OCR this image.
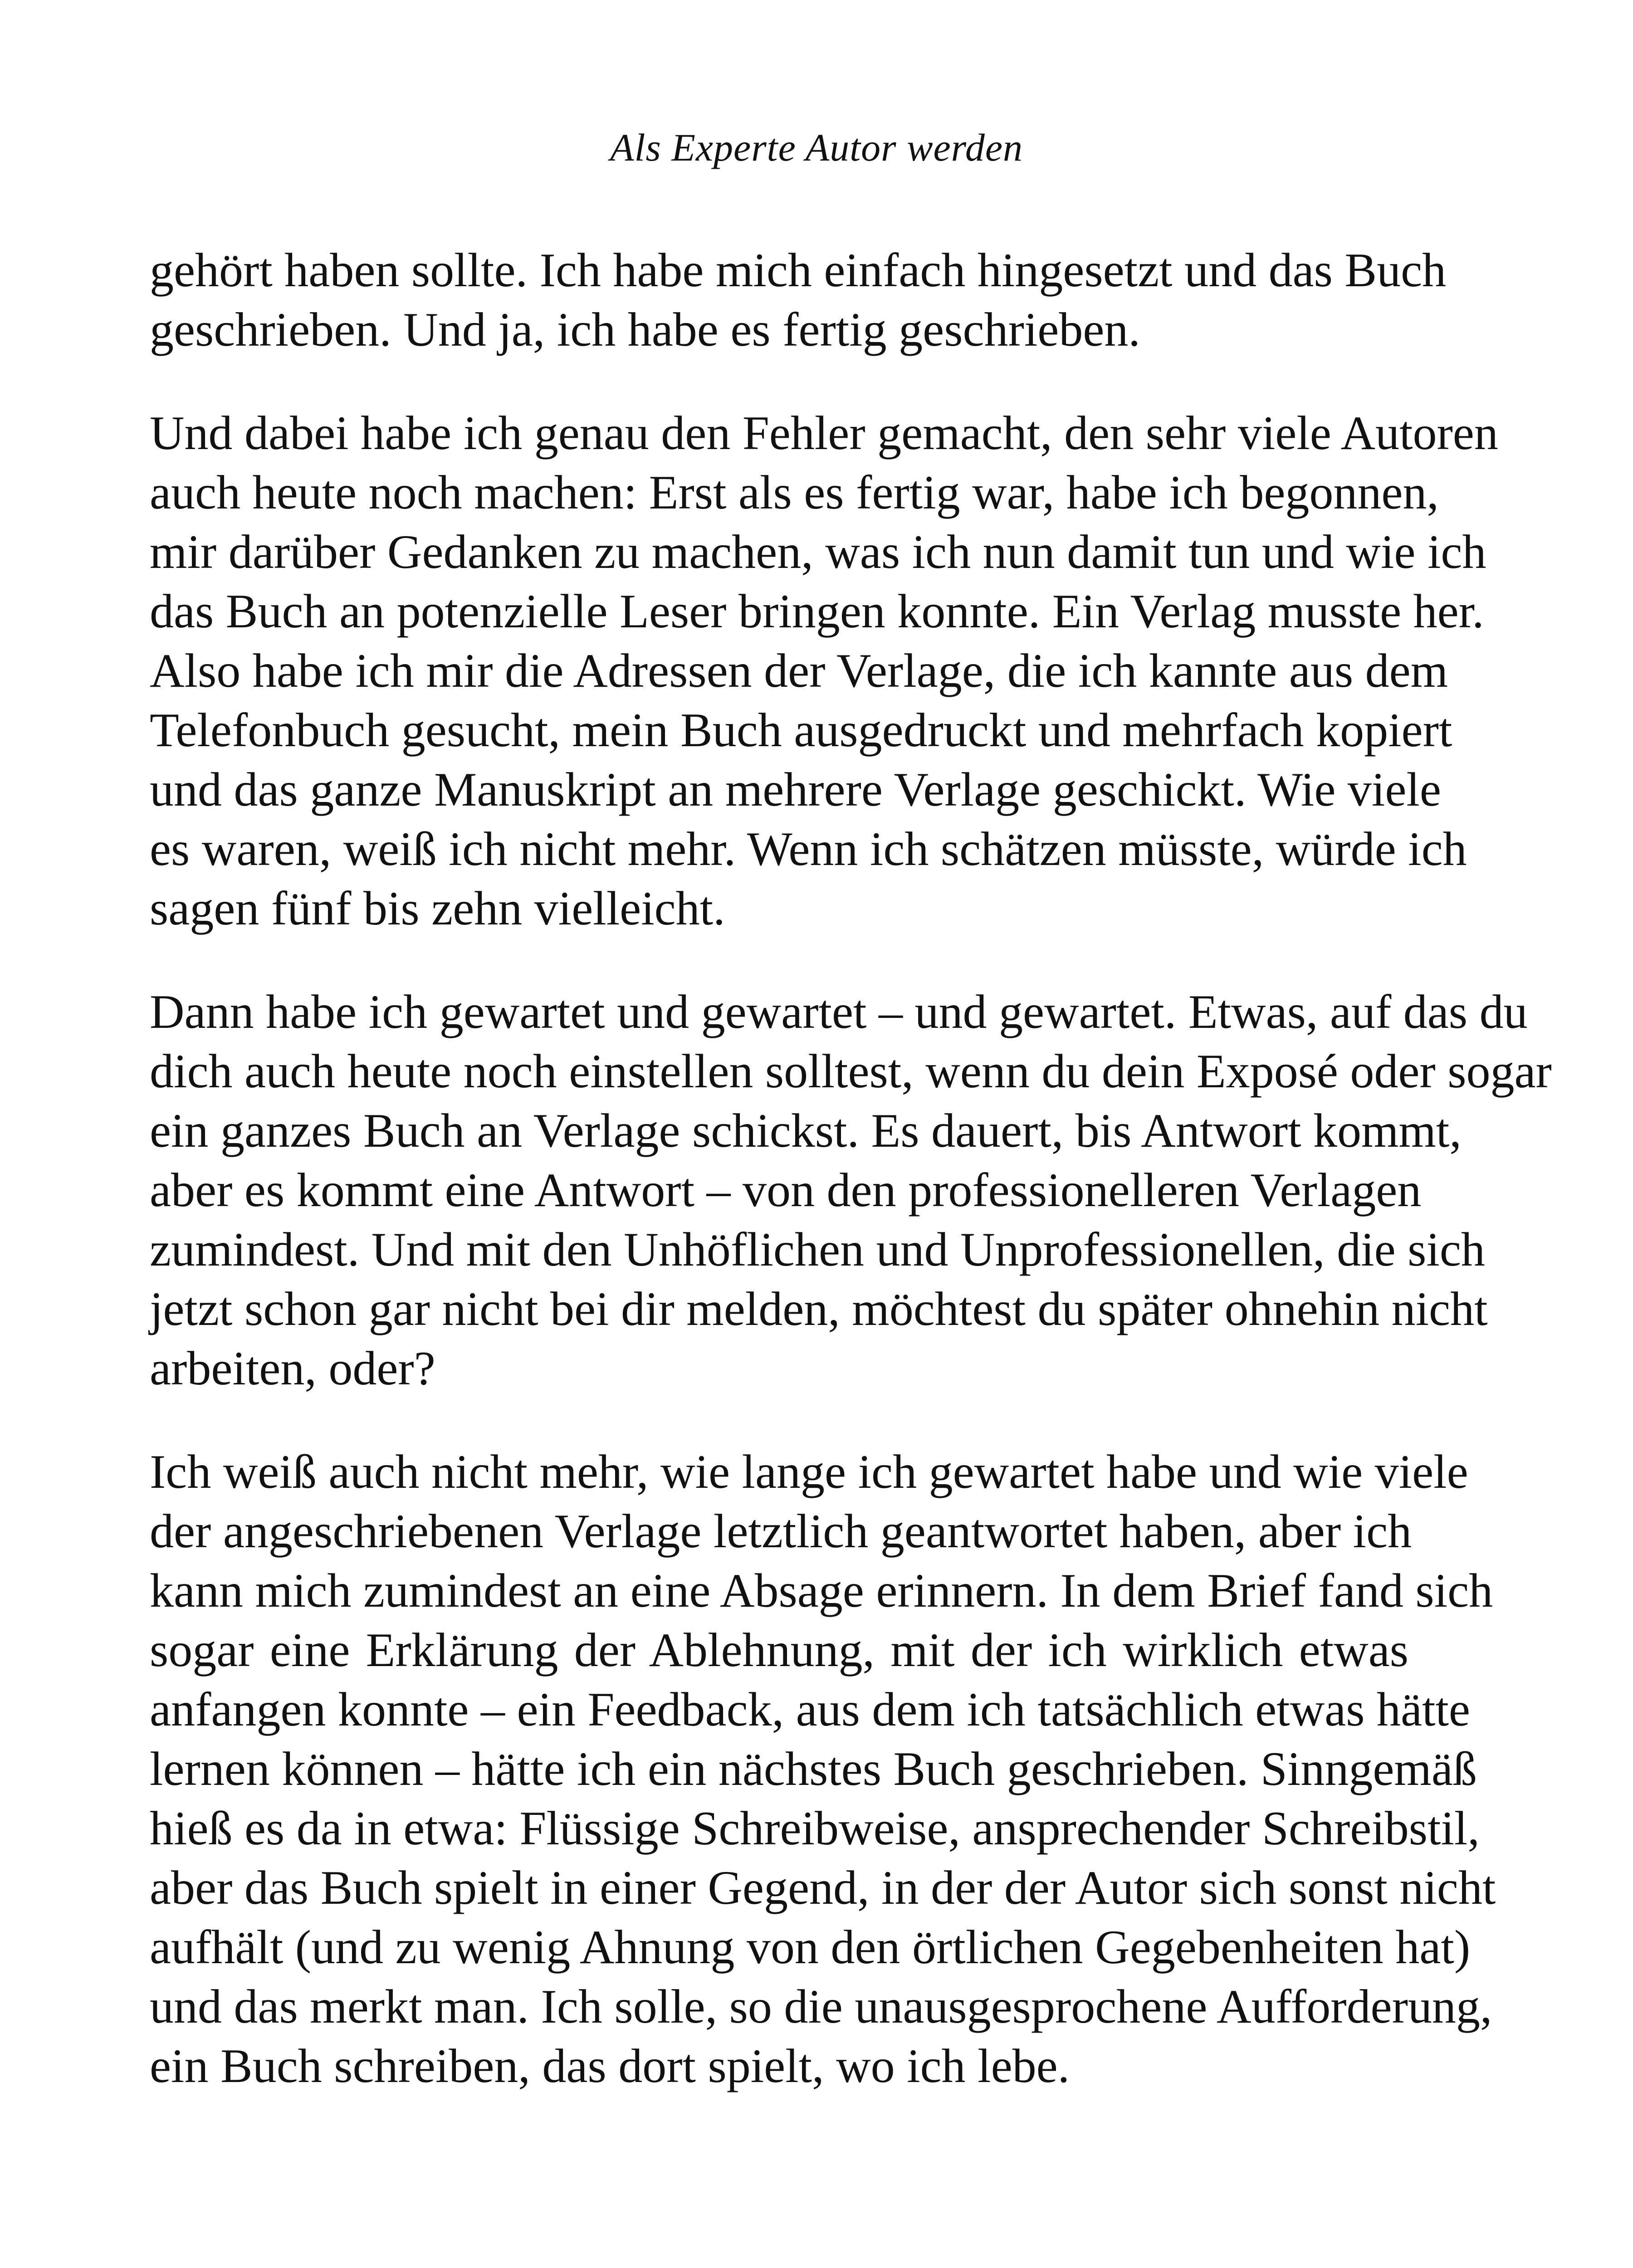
Als Experte Autor werden

gehört haben sollte. Ich habe mich einfach hingesetzt und das Buch
geschrieben. Und ja, ich habe es fertig geschrieben.

Und dabei habe ich genau den Fehler gemacht, den sehr viele Autoren
auch heute noch machen: Erst als es fertig war, habe ich begonnen,
mir darüber Gedanken zu machen, was ich nun damit tun und wie ich
das Buch an potenzielle Leser bringen konnte. Ein Verlag musste her.
Also habe ich mir die Adressen der Verlage, die ich kannte aus dem
Telefonbuch gesucht, mein Buch ausgedruckt und mehrfach kopiert
und das ganze Manuskript an mehrere Verlage geschickt. Wie viele
es waren, weiß ich nicht mehr. Wenn ich schätzen müsste, würde ich
sagen fünf bis zehn vielleicht.

Dann habe ich gewartet und gewartet – und gewartet. Etwas, auf das du
dich auch heute noch einstellen solltest, wenn du dein Exposé oder sogar
ein ganzes Buch an Verlage schickst. Es dauert, bis Antwort kommt,
aber es kommt eine Antwort – von den professionelleren Verlagen
zumindest. Und mit den Unhöflichen und Unprofessionellen, die sich
jetzt schon gar nicht bei dir melden, möchtest du später ohnehin nicht
arbeiten, oder?

Ich weiß auch nicht mehr, wie lange ich gewartet habe und wie viele
der angeschriebenen Verlage letztlich geantwortet haben, aber ich
kann mich zumindest an eine Absage erinnern. In dem Brief fand sich
sogar eine Erklärung der Ablehnung, mit der ich wirklich etwas
anfangen konnte – ein Feedback, aus dem ich tatsächlich etwas hätte
lernen können – hätte ich ein nächstes Buch geschrieben. Sinngemäß
hieß es da in etwa: Flüssige Schreibweise, ansprechender Schreibstil,
aber das Buch spielt in einer Gegend, in der der Autor sich sonst nicht
aufhält (und zu wenig Ahnung von den örtlichen Gegebenheiten hat)
und das merkt man. Ich solle, so die unausgesprochene Aufforderung,
ein Buch schreiben, das dort spielt, wo ich lebe.
